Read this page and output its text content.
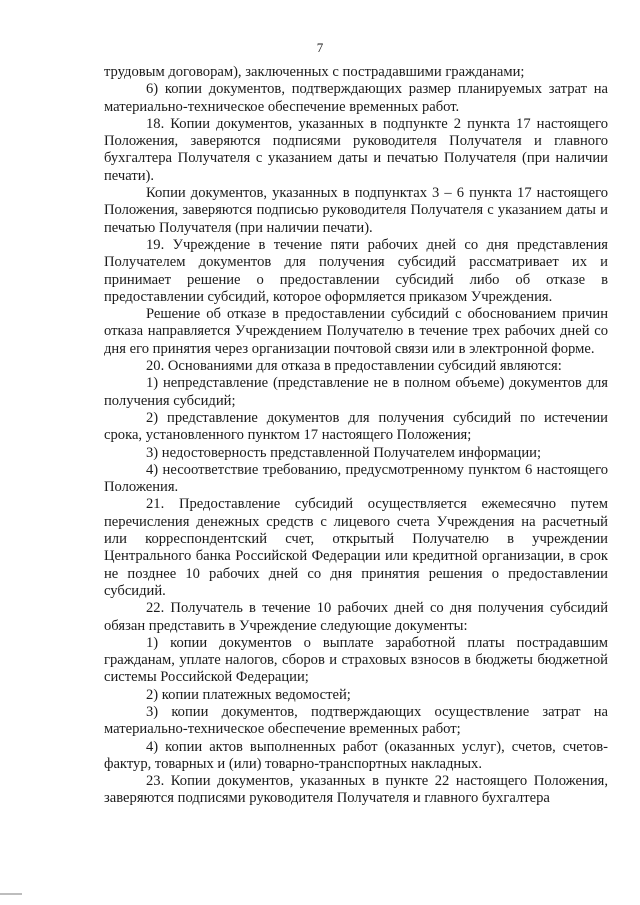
7

трудовым договорам), заключенных с пострадавшими гражданами;

6) копии документов, подтверждающих размер планируемых затрат на материально-техническое обеспечение временных работ.

18. Копии документов, указанных в подпункте 2 пункта 17 настоящего Положения, заверяются подписями руководителя Получателя и главного бухгалтера Получателя с указанием даты и печатью Получателя (при наличии печати).

Копии документов, указанных в подпунктах 3 – 6 пункта 17 настоящего Положения, заверяются подписью руководителя Получателя с указанием даты и печатью Получателя (при наличии печати).

19. Учреждение в течение пяти рабочих дней со дня представления Получателем документов для получения субсидий рассматривает их и принимает решение о предоставлении субсидий либо об отказе в предоставлении субсидий, которое оформляется приказом Учреждения.

Решение об отказе в предоставлении субсидий с обоснованием причин отказа направляется Учреждением Получателю в течение трех рабочих дней со дня его принятия через организации почтовой связи или в электронной форме.

20. Основаниями для отказа в предоставлении субсидий являются:

1) непредставление (представление не в полном объеме) документов для получения субсидий;

2) представление документов для получения субсидий по истечении срока, установленного пунктом 17 настоящего Положения;

3) недостоверность представленной Получателем информации;

4) несоответствие требованию, предусмотренному пунктом 6 настоящего Положения.

21. Предоставление субсидий осуществляется ежемесячно путем перечисления денежных средств с лицевого счета Учреждения на расчетный или корреспондентский счет, открытый Получателю в учреждении Центрального банка Российской Федерации или кредитной организации, в срок не позднее 10 рабочих дней со дня принятия решения о предоставлении субсидий.

22. Получатель в течение 10 рабочих дней со дня получения субсидий обязан представить в Учреждение следующие документы:

1) копии документов о выплате заработной платы пострадавшим гражданам, уплате налогов, сборов и страховых взносов в бюджеты бюджетной системы Российской Федерации;

2) копии платежных ведомостей;

3) копии документов, подтверждающих осуществление затрат на материально-техническое обеспечение временных работ;

4) копии актов выполненных работ (оказанных услуг), счетов, счетов-фактур, товарных и (или) товарно-транспортных накладных.

23. Копии документов, указанных в пункте 22 настоящего Положения, заверяются подписями руководителя Получателя и главного бухгалтера
